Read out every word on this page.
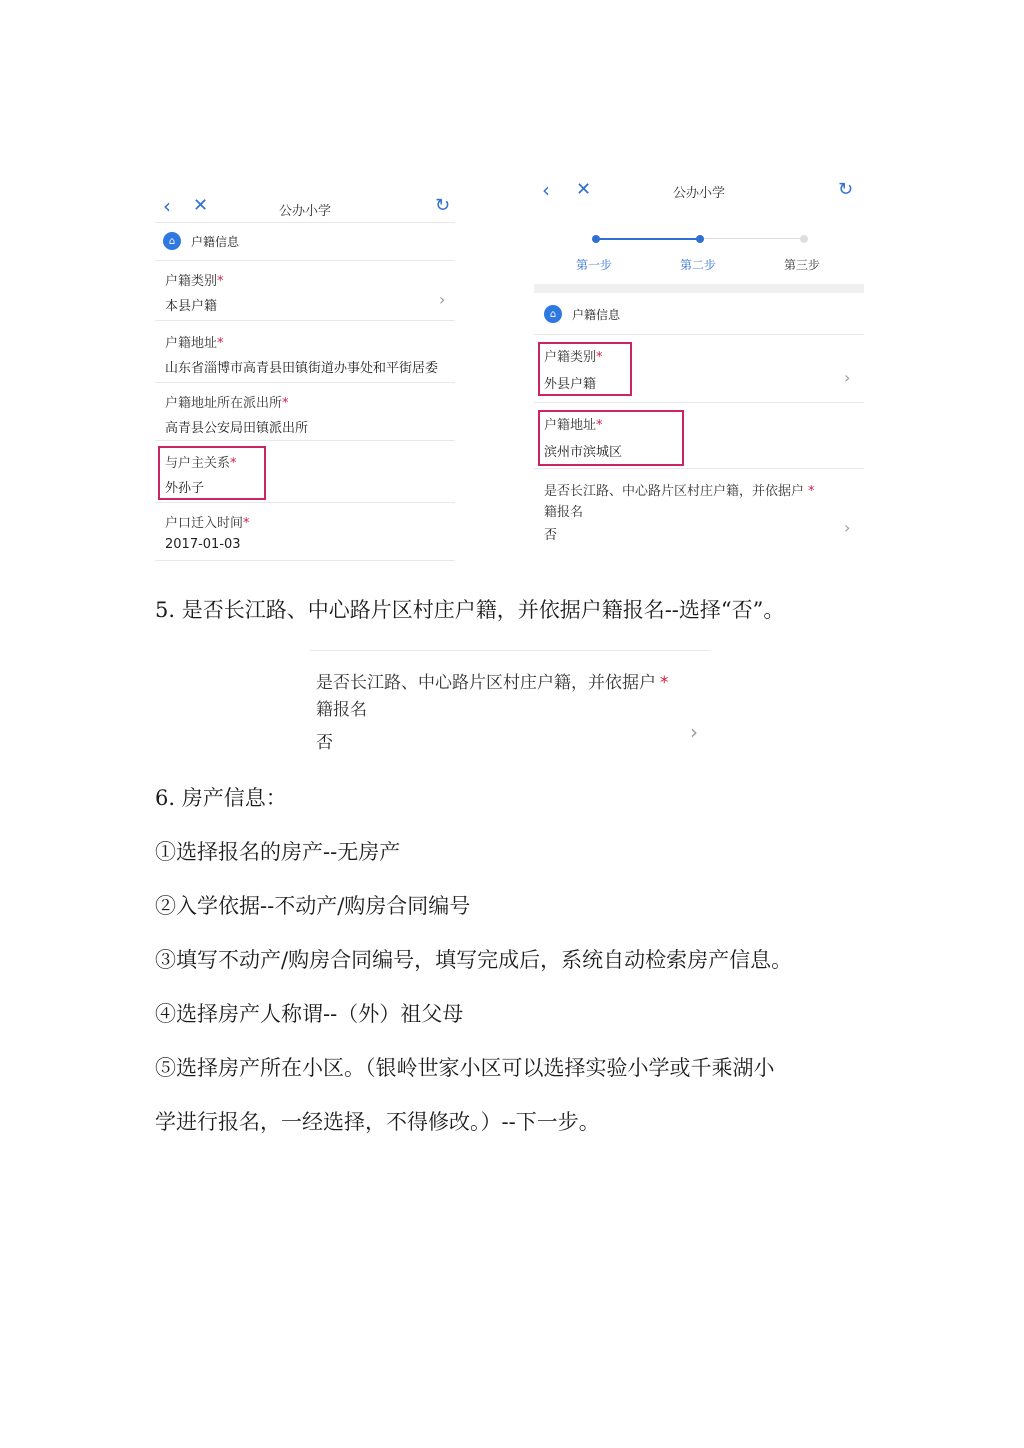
‹ ✕	公办小学	↻
⌂	户籍信息
户籍类别*
本县户籍	›
户籍地址*
山东省淄博市高青县田镇街道办事处和平街居委
户籍地址所在派出所*
高青县公安局田镇派出所
与户主关系*
外孙子
户口迁入时间*
2017-01-03
‹ ✕	公办小学	↻
第一步	第二步	第三步
⌂	户籍信息
户籍类别*
外县户籍	›
户籍地址*
滨州市滨城区
是否长江路、中心路片区村庄户籍，并依据户 *
籍报名
否	›
5. 是否长江路、中心路片区村庄户籍，并依据户籍报名--选择“否”。
是否长江路、中心路片区村庄户籍，并依据户 *
籍报名
否	›
6. 房产信息：
①选择报名的房产--无房产
②入学依据--不动产/购房合同编号
③填写不动产/购房合同编号，填写完成后，系统自动检索房产信息。
④选择房产人称谓--（外）祖父母
⑤选择房产所在小区。（银岭世家小区可以选择实验小学或千乘湖小
学进行报名，一经选择，不得修改。）--下一步。
